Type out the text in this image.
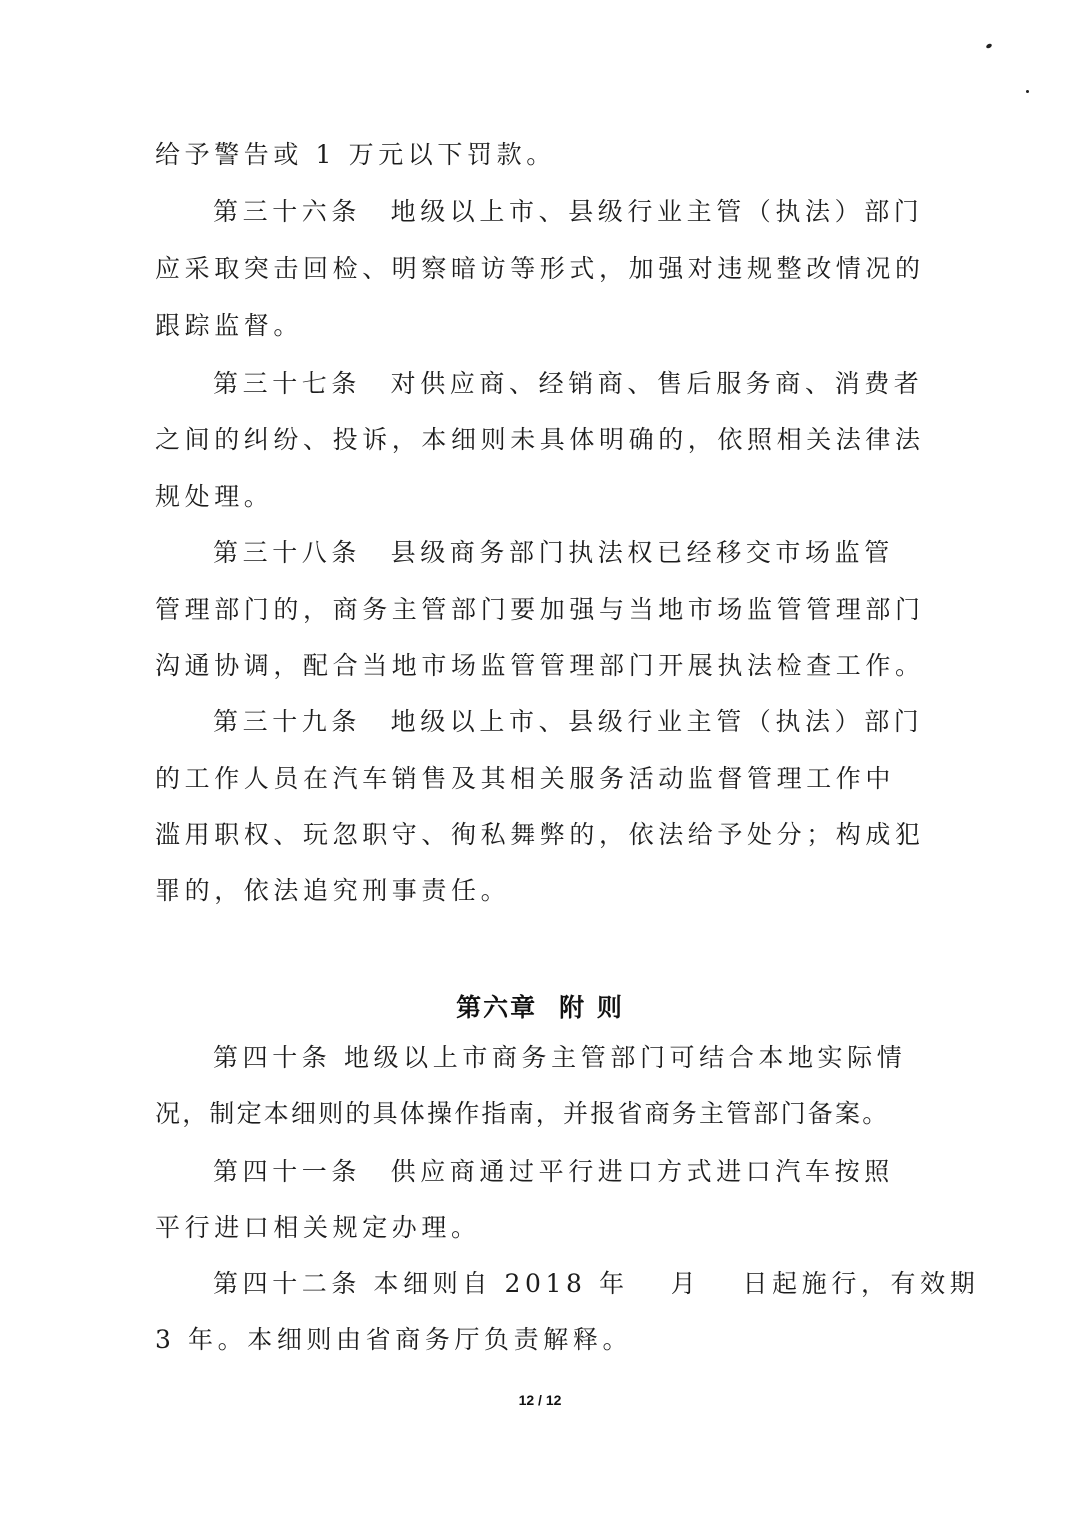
给予警告或 1 万元以下罚款。
第三十六条　地级以上市、县级行业主管（执法）部门
应采取突击回检、明察暗访等形式，加强对违规整改情况的
跟踪监督。
第三十七条　对供应商、经销商、售后服务商、消费者
之间的纠纷、投诉，本细则未具体明确的，依照相关法律法
规处理。
第三十八条　县级商务部门执法权已经移交市场监管
管理部门的，商务主管部门要加强与当地市场监管管理部门
沟通协调，配合当地市场监管管理部门开展执法检查工作。
第三十九条　地级以上市、县级行业主管（执法）部门
的工作人员在汽车销售及其相关服务活动监督管理工作中
滥用职权、玩忽职守、徇私舞弊的，依法给予处分；构成犯
罪的，依法追究刑事责任。
第六章 附 则
第四十条 地级以上市商务主管部门可结合本地实际情
况，制定本细则的具体操作指南，并报省商务主管部门备案。
第四十一条　供应商通过平行进口方式进口汽车按照
平行进口相关规定办理。
第四十二条 本细则自 2018 年　 月　 日起施行，有效期
3 年。本细则由省商务厅负责解释。
12 / 12
